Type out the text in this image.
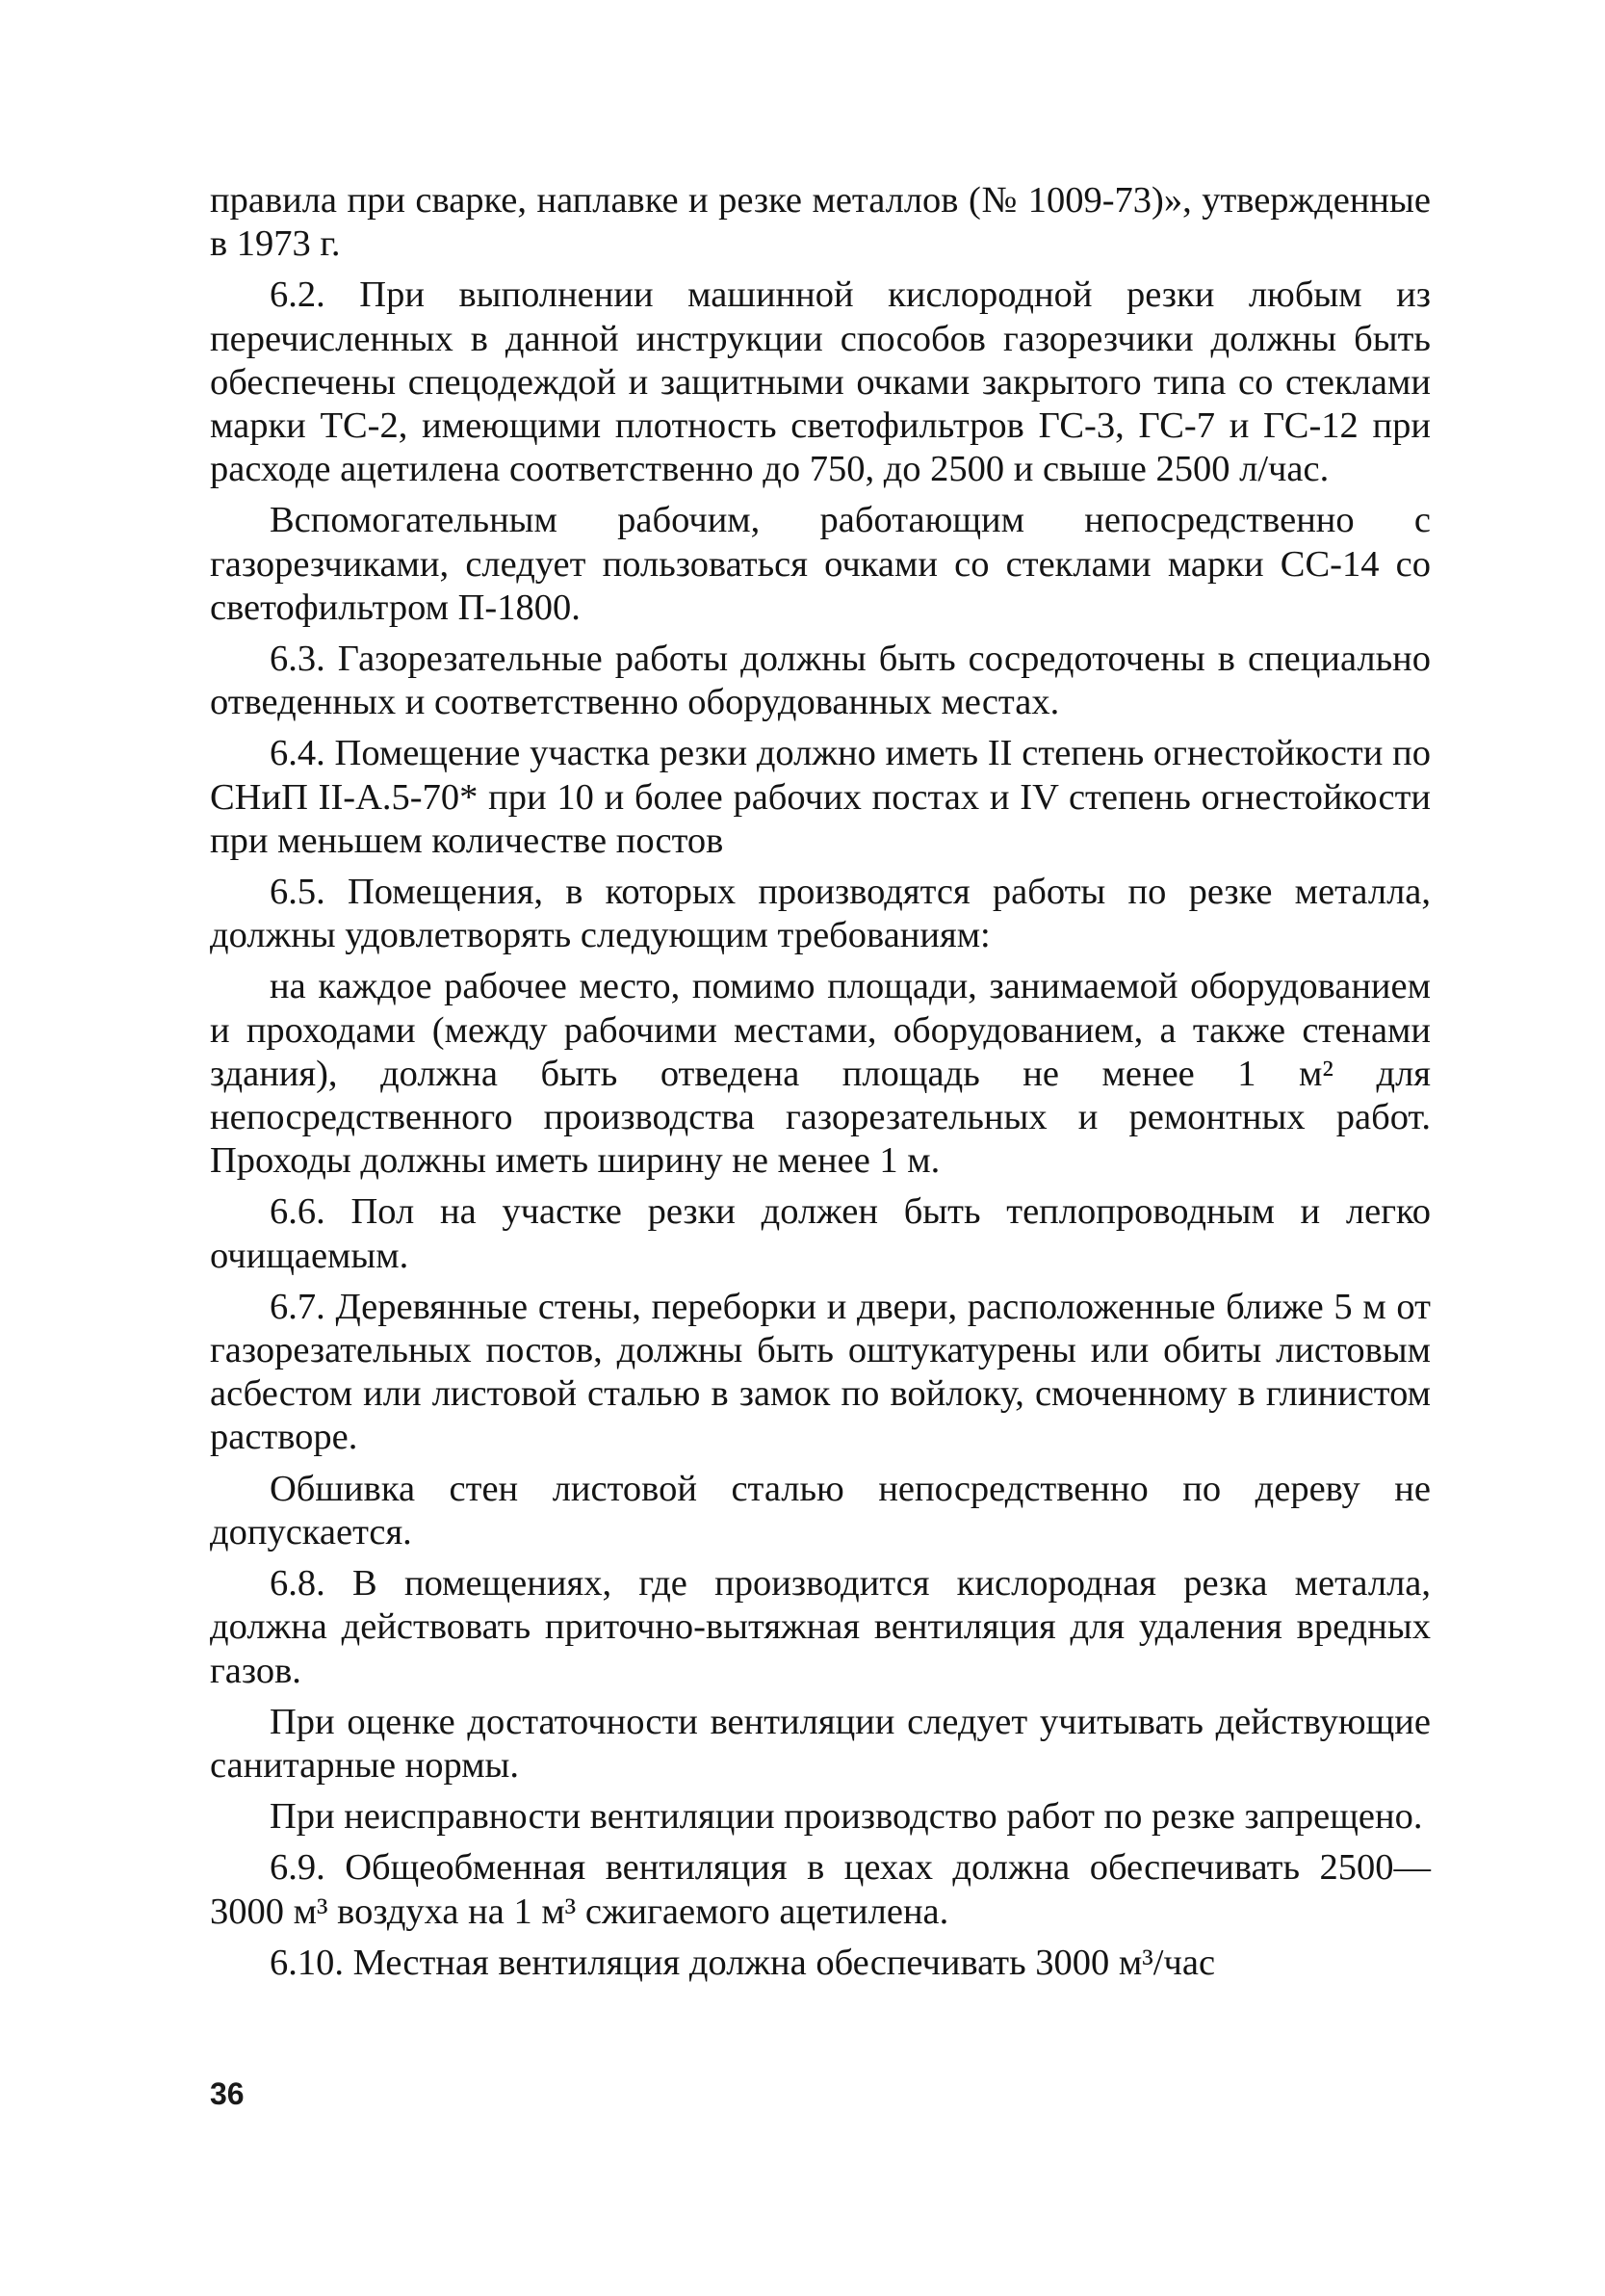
правила при сварке, наплавке и резке металлов (№ 1009-73)», утвержденные в 1973 г.

6.2. При выполнении машинной кислородной резки любым из перечисленных в данной инструкции способов газорезчики должны быть обеспечены спецодеждой и защитными очками закрытого типа со стеклами марки ТС-2, имеющими плотность светофильтров ГС-3, ГС-7 и ГС-12 при расходе ацетилена соответственно до 750, до 2500 и свыше 2500 л/час.

Вспомогательным рабочим, работающим непосредственно с газорезчиками, следует пользоваться очками со стеклами марки СС-14 со светофильтром П-1800.

6.3. Газорезательные работы должны быть сосредоточены в специально отведенных и соответственно оборудованных местах.

6.4. Помещение участка резки должно иметь II степень огнестойкости по СНиП II-А.5-70* при 10 и более рабочих постах и IV степень огнестойкости при меньшем количестве постов

6.5. Помещения, в которых производятся работы по резке металла, должны удовлетворять следующим требованиям:

на каждое рабочее место, помимо площади, занимаемой оборудованием и проходами (между рабочими местами, оборудованием, а также стенами здания), должна быть отведена площадь не менее 1 м² для непосредственного производства газорезательных и ремонтных работ. Проходы должны иметь ширину не менее 1 м.

6.6. Пол на участке резки должен быть теплопроводным и легко очищаемым.

6.7. Деревянные стены, переборки и двери, расположенные ближе 5 м от газорезательных постов, должны быть оштукатурены или обиты листовым асбестом или листовой сталью в замок по войлоку, смоченному в глинистом растворе.

Обшивка стен листовой сталью непосредственно по дереву не допускается.

6.8. В помещениях, где производится кислородная резка металла, должна действовать приточно-вытяжная вентиляция для удаления вредных газов.

При оценке достаточности вентиляции следует учитывать действующие санитарные нормы.

При неисправности вентиляции производство работ по резке запрещено.

6.9. Общеобменная вентиляция в цехах должна обеспечивать 2500—3000 м³ воздуха на 1 м³ сжигаемого ацетилена.

6.10. Местная вентиляция должна обеспечивать 3000 м³/час

36
